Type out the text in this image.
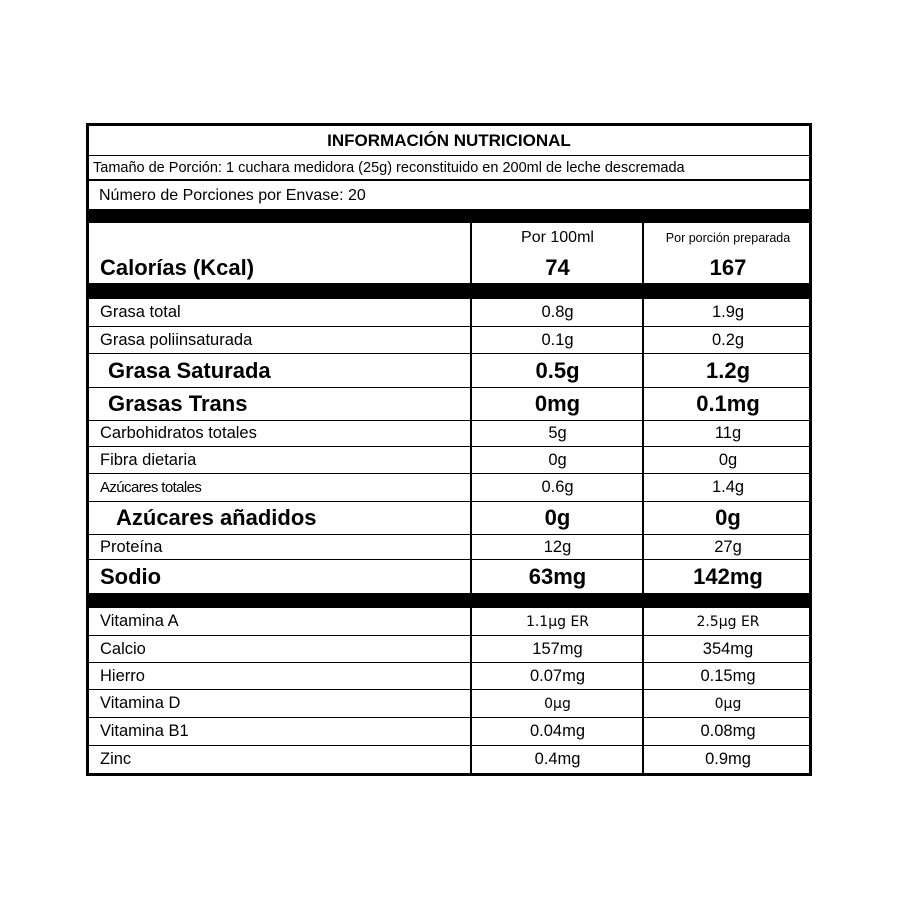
INFORMACIÓN NUTRICIONAL
Tamaño de Porción: 1 cuchara medidora (25g) reconstituido en 200ml de leche descremada
Número de Porciones por Envase: 20
Por 100ml	Por porción preparada
Calorías (Kcal)	74	167
Grasa total	0.8g	1.9g
Grasa poliinsaturada	0.1g	0.2g
Grasa Saturada	0.5g	1.2g
Grasas Trans	0mg	0.1mg
Carbohidratos totales	5g	11g
Fibra dietaria	0g	0g
Azúcares totales	0.6g	1.4g
Azúcares añadidos	0g	0g
Proteína	12g	27g
Sodio	63mg	142mg
Vitamina A	1.1µg ER	2.5µg ER
Calcio	157mg	354mg
Hierro	0.07mg	0.15mg
Vitamina D	0µg	0µg
Vitamina B1	0.04mg	0.08mg
Zinc	0.4mg	0.9mg
